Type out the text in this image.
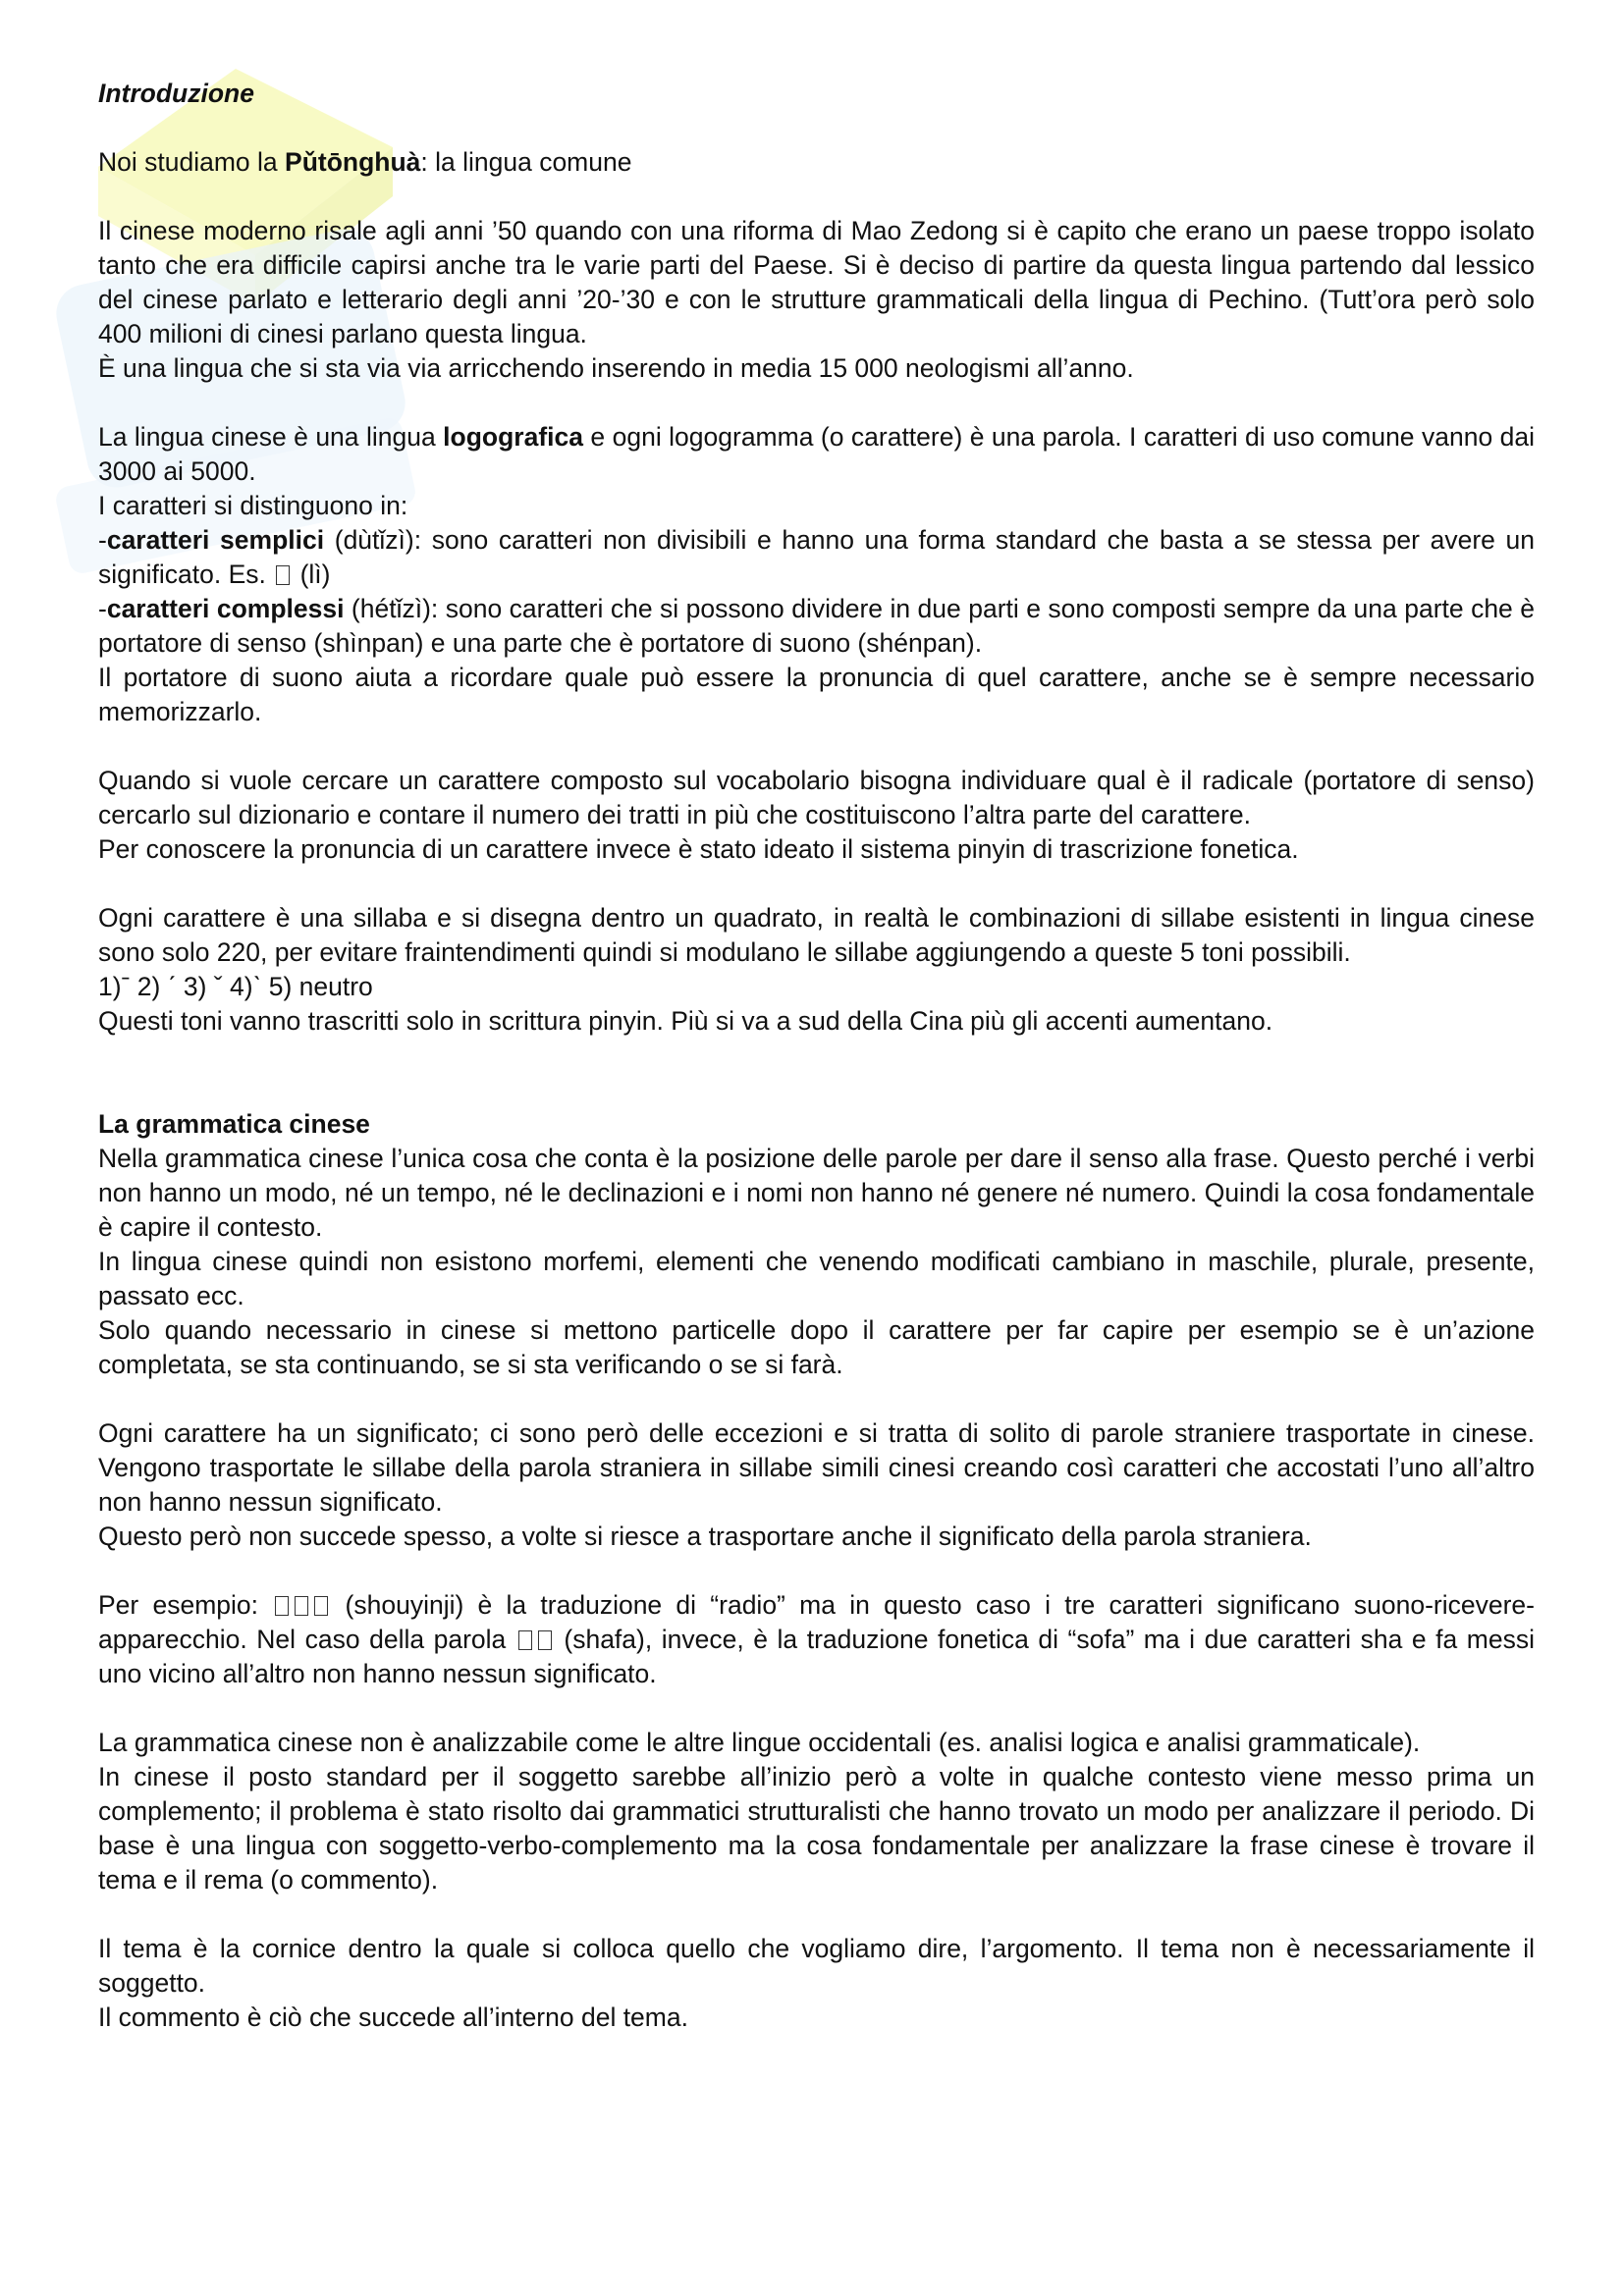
Introduzione

Noi studiamo la Pǔtōnghuà: la lingua comune

Il cinese moderno risale agli anni ’50 quando con una riforma di Mao Zedong si è capito che erano un paese troppo isolato tanto che era difficile capirsi anche tra le varie parti del Paese. Si è deciso di partire da questa lingua partendo dal lessico del cinese parlato e letterario degli anni ’20-’30 e con le strutture grammaticali della lingua di Pechino. (Tutt’ora però solo 400 milioni di cinesi parlano questa lingua.

È una lingua che si sta via via arricchendo inserendo in media 15 000 neologismi all’anno.

La lingua cinese è una lingua logografica e ogni logogramma (o carattere) è una parola. I caratteri di uso comune vanno dai 3000 ai 5000.

I caratteri si distinguono in:

-caratteri semplici (dùtǐzì): sono caratteri non divisibili e hanno una forma standard che basta a se stessa per avere un significato. Es.  (lì)

-caratteri complessi (hétǐzì): sono caratteri che si possono dividere in due parti e sono composti sempre da una parte che è portatore di senso (shìnpan) e una parte che è portatore di suono (shénpan).

Il portatore di suono aiuta a ricordare quale può essere la pronuncia di quel carattere, anche se è sempre necessario memorizzarlo.

Quando si vuole cercare un carattere composto sul vocabolario bisogna individuare qual è il radicale (portatore di senso) cercarlo sul dizionario e contare il numero dei tratti in più che costituiscono l’altra parte del carattere.

Per conoscere la pronuncia di un carattere invece è stato ideato il sistema pinyin di trascrizione fonetica.

Ogni carattere è una sillaba e si disegna dentro un quadrato, in realtà le combinazioni di sillabe esistenti in lingua cinese sono solo 220, per evitare fraintendimenti quindi si modulano le sillabe aggiungendo a queste 5 toni possibili.

1)ˉ 2) ˊ 3) ˇ 4)ˋ 5) neutro

Questi toni vanno trascritti solo in scrittura pinyin. Più si va a sud della Cina più gli accenti aumentano.

La grammatica cinese

Nella grammatica cinese l’unica cosa che conta è la posizione delle parole per dare il senso alla frase. Questo perché i verbi non hanno un modo, né un tempo, né le declinazioni e i nomi non hanno né genere né numero. Quindi la cosa fondamentale è capire il contesto.

In lingua cinese quindi non esistono morfemi, elementi che venendo modificati cambiano in maschile, plurale, presente, passato ecc.

Solo quando necessario in cinese si mettono particelle dopo il carattere per far capire per esempio se è un’azione completata, se sta continuando, se si sta verificando o se si farà.

Ogni carattere ha un significato; ci sono però delle eccezioni e si tratta di solito di parole straniere trasportate in cinese. Vengono trasportate le sillabe della parola straniera in sillabe simili cinesi creando così caratteri che accostati l’uno all’altro non hanno nessun significato.

Questo però non succede spesso, a volte si riesce a trasportare anche il significato della parola straniera.

Per esempio:  (shouyinji) è la traduzione di “radio” ma in questo caso i tre caratteri significano suono-ricevere-apparecchio. Nel caso della parola  (shafa), invece, è la traduzione fonetica di “sofa” ma i due caratteri sha e fa messi uno vicino all’altro non hanno nessun significato.

La grammatica cinese non è analizzabile come le altre lingue occidentali (es. analisi logica e analisi grammaticale).

In cinese il posto standard per il soggetto sarebbe all’inizio però a volte in qualche contesto viene messo prima un complemento; il problema è stato risolto dai grammatici strutturalisti che hanno trovato un modo per analizzare il periodo. Di base è una lingua con soggetto-verbo-complemento ma la cosa fondamentale per analizzare la frase cinese è trovare il tema e il rema (o commento).

Il tema è la cornice dentro la quale si colloca quello che vogliamo dire, l’argomento. Il tema non è necessariamente il soggetto.

Il commento è ciò che succede all’interno del tema.
